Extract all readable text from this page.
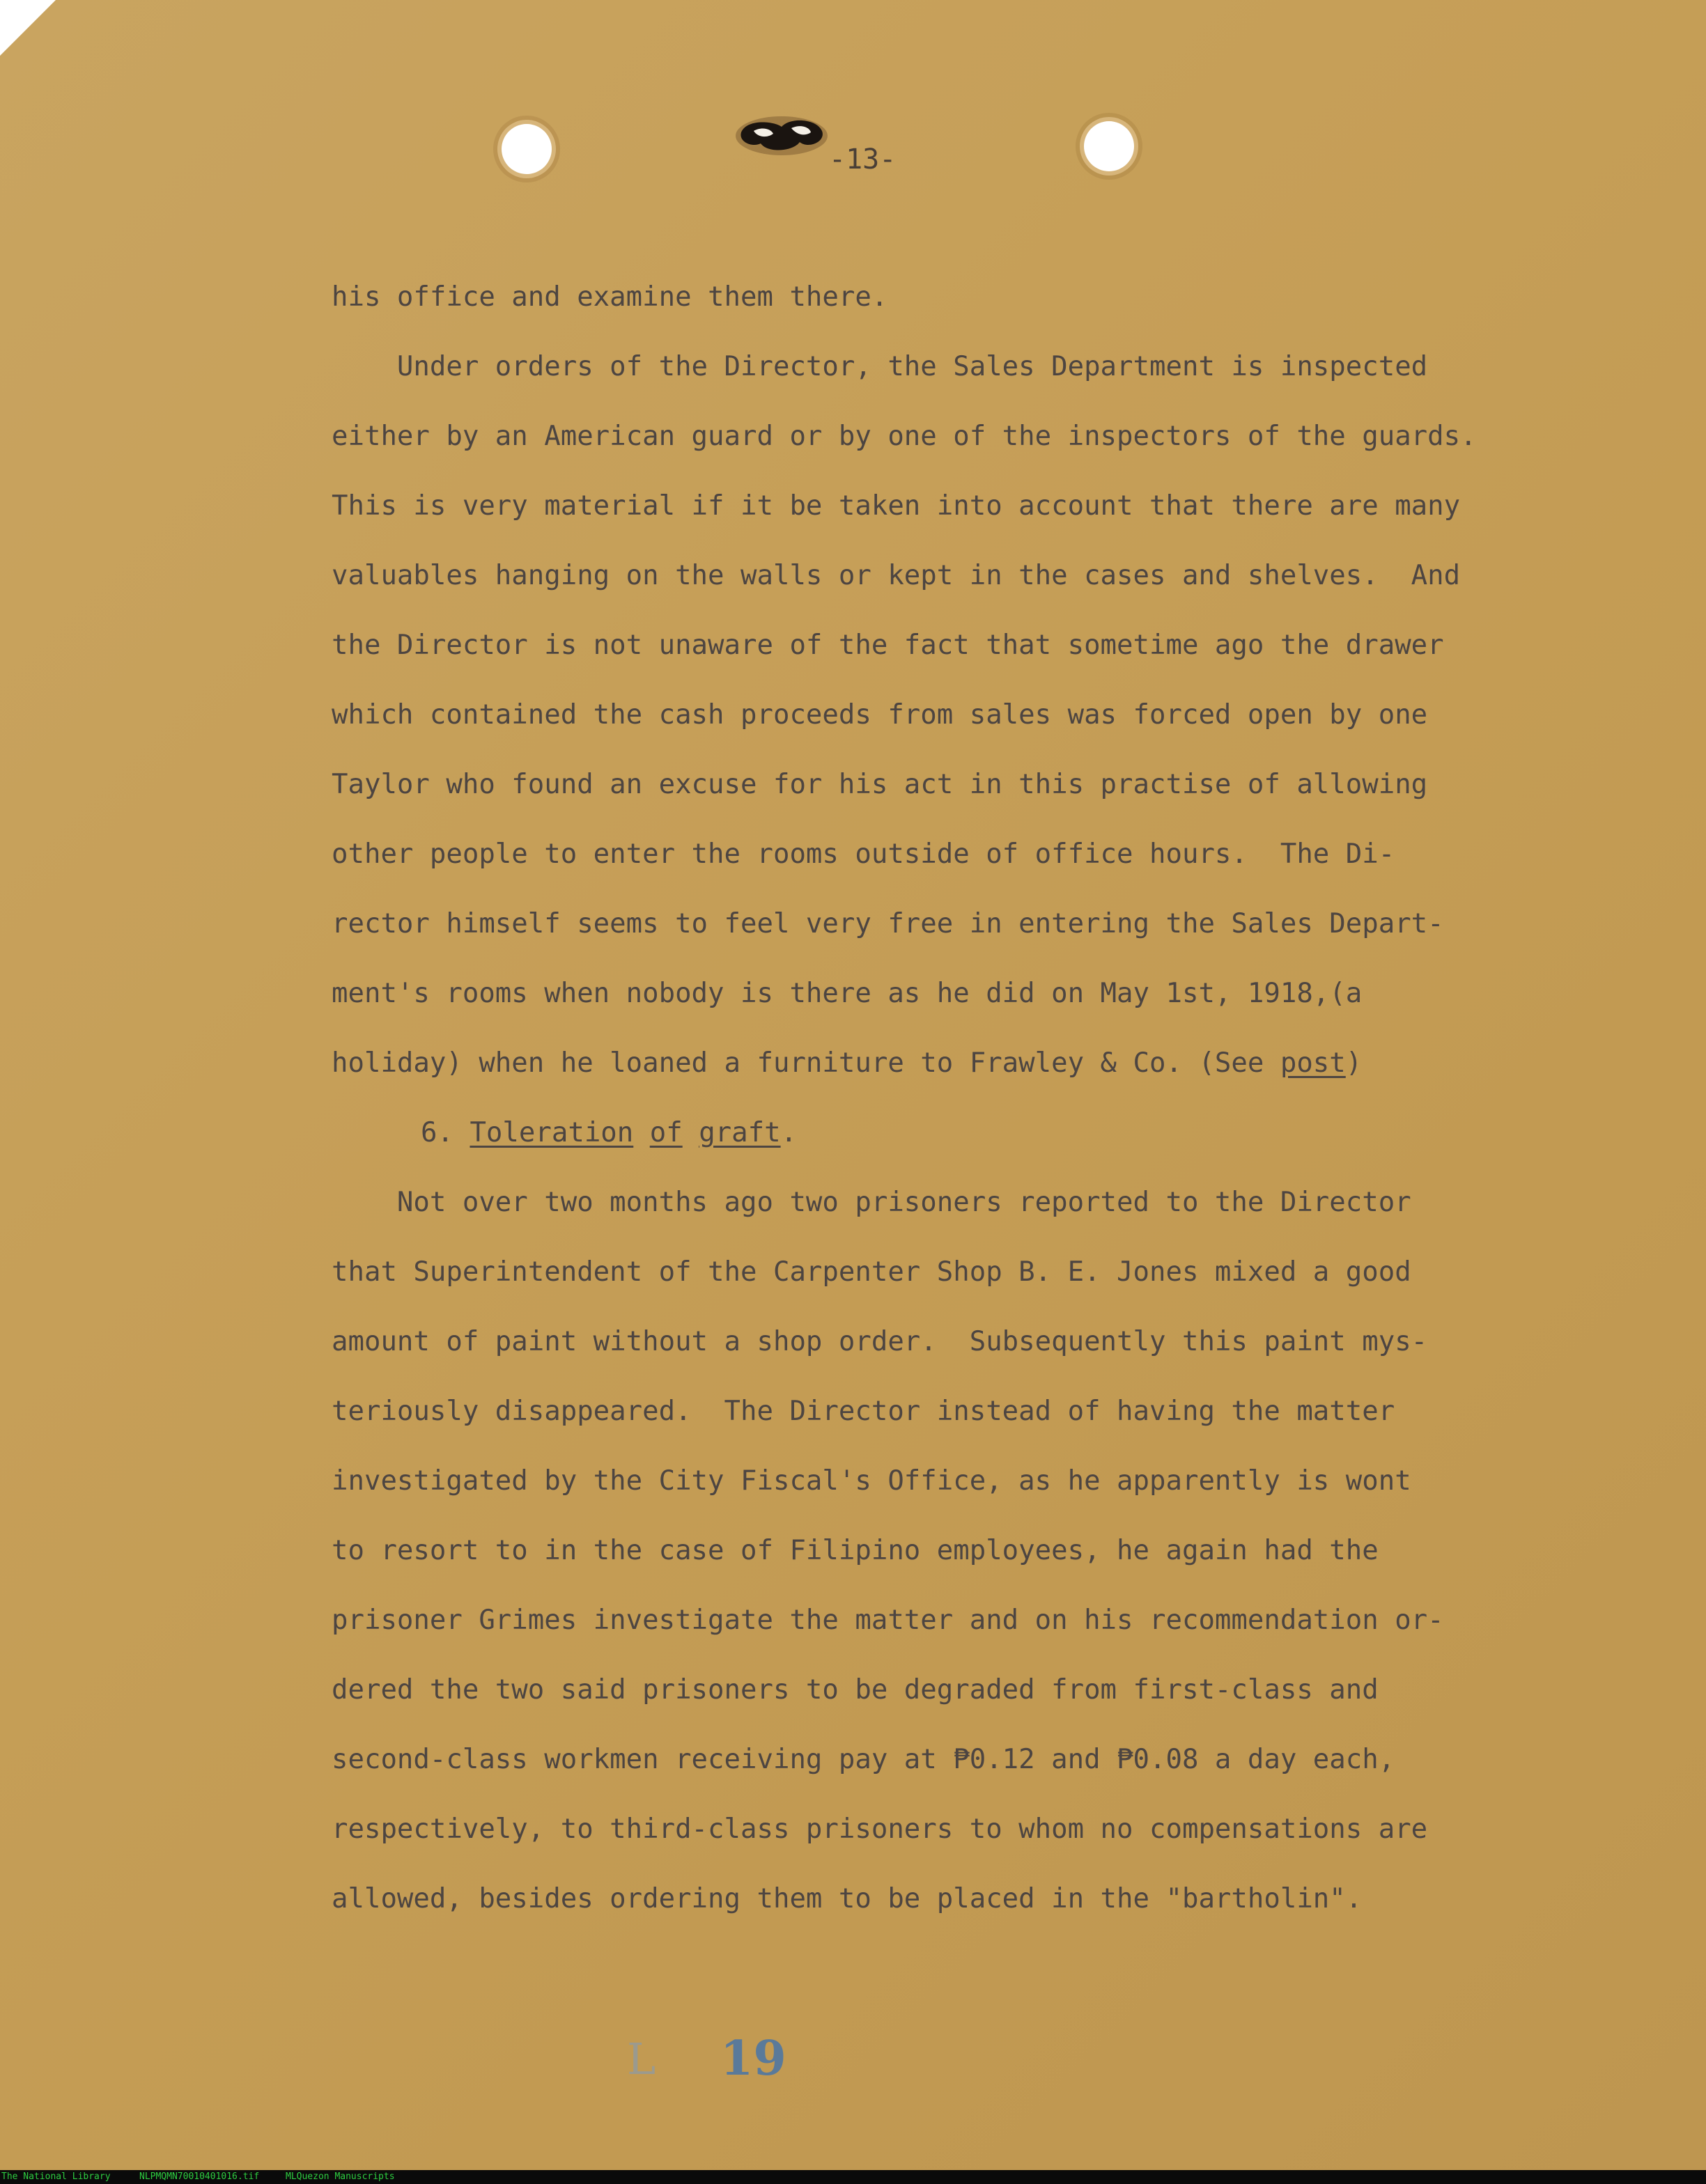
-13-
his office and examine them there.
Under orders of the Director, the Sales Department is inspected
either by an American guard or by one of the inspectors of the guards.
This is very material if it be taken into account that there are many
valuables hanging on the walls or kept in the cases and shelves.  And
the Director is not unaware of the fact that sometime ago the drawer
which contained the cash proceeds from sales was forced open by one
Taylor who found an excuse for his act in this practise of allowing
other people to enter the rooms outside of office hours.  The Di-
rector himself seems to feel very free in entering the Sales Depart-
ment's rooms when nobody is there as he did on May 1st, 1918,(a
holiday) when he loaned a furniture to Frawley & Co. (See post)
6. Toleration of graft.
Not over two months ago two prisoners reported to the Director
that Superintendent of the Carpenter Shop B. E. Jones mixed a good
amount of paint without a shop order.  Subsequently this paint mys-
teriously disappeared.  The Director instead of having the matter
investigated by the City Fiscal's Office, as he apparently is wont
to resort to in the case of Filipino employees, he again had the
prisoner Grimes investigate the matter and on his recommendation or-
dered the two said prisoners to be degraded from first-class and
second-class workmen receiving pay at ₱0.12 and ₱0.08 a day each,
respectively, to third-class prisoners to whom no compensations are
allowed, besides ordering them to be placed in the "bartholin".
L 19
The National Library	NLPMQMN70010401016.tif	MLQuezon Manuscripts
